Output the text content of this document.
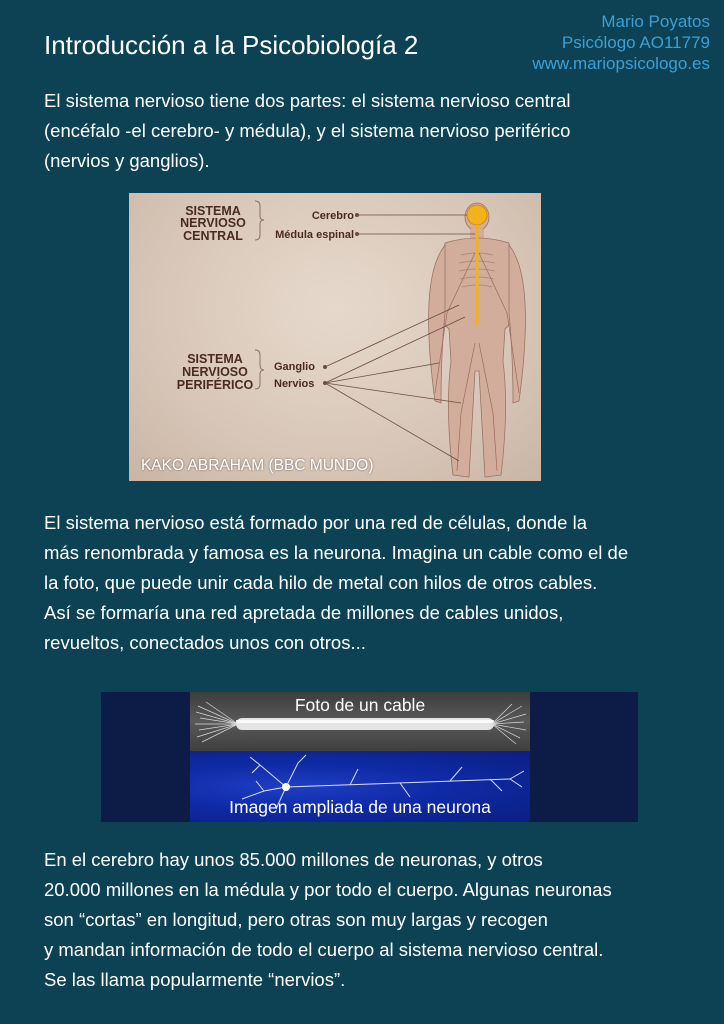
Mario Poyatos
Psicólogo AO11779
www.mariopsicologo.es
Introducción a la Psicobiología 2

El sistema nervioso tiene dos partes: el sistema nervioso central
(encéfalo -el cerebro- y médula), y el sistema nervioso periférico
(nervios y ganglios).

SISTEMA
NERVIOSO
CENTRAL
Cerebro
Médula espinal
SISTEMA
NERVIOSO
PERIFÉRICO
Ganglio
Nervios
KAKO ABRAHAM (BBC MUNDO)

El sistema nervioso está formado por una red de células, donde la
más renombrada y famosa es la neurona. Imagina un cable como el de
la foto, que puede unir cada hilo de metal con hilos de otros cables.
Así se formaría una red apretada de millones de cables unidos,
revueltos, conectados unos con otros...

Foto de un cable
Imagen ampliada de una neurona

En el cerebro hay unos 85.000 millones de neuronas, y otros
20.000 millones en la médula y por todo el cuerpo. Algunas neuronas
son “cortas” en longitud, pero otras son muy largas y recogen
y mandan información de todo el cuerpo al sistema nervioso central.
Se las llama popularmente “nervios”.
